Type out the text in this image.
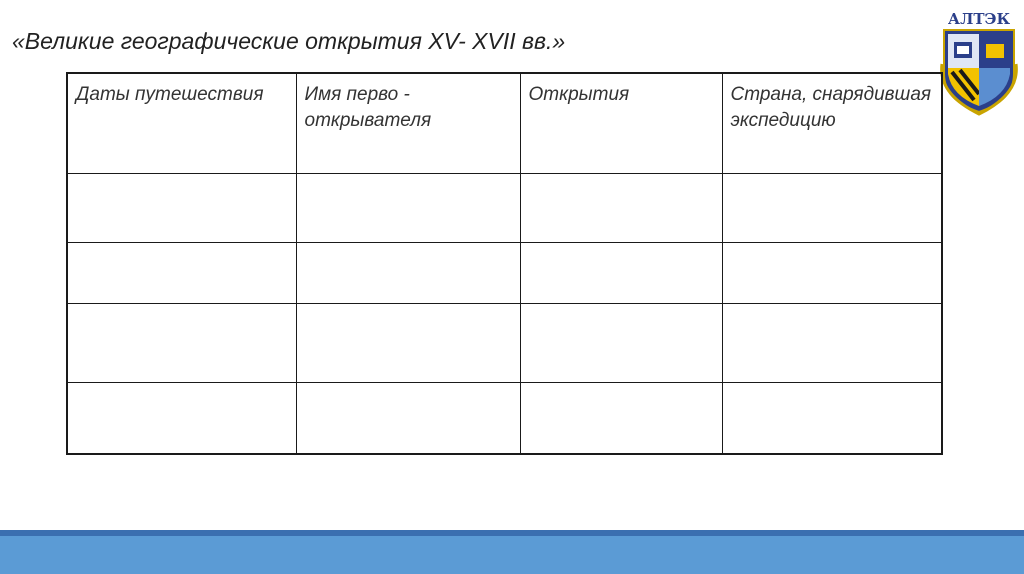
«Великие географические открытия XV- XVII вв.»
АЛТЭК
Даты путешествия	Имя перво - открывателя	Открытия	Страна, снарядившая экспедицию
